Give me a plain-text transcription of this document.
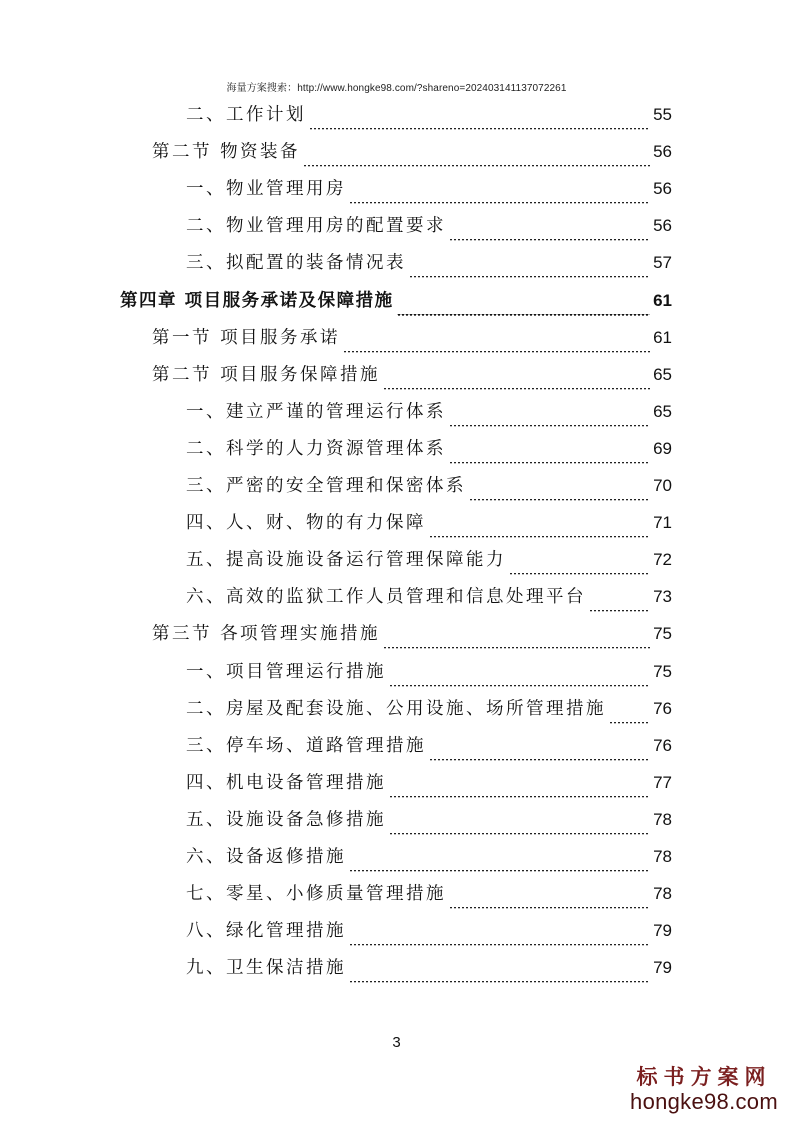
海量方案搜索：http://www.hongke98.com/?shareno=202403141137072261
二、工作计划	55
第二节 物资装备	56
一、物业管理用房	56
二、物业管理用房的配置要求	56
三、拟配置的装备情况表	57
第四章 项目服务承诺及保障措施	61
第一节 项目服务承诺	61
第二节 项目服务保障措施	65
一、建立严谨的管理运行体系	65
二、科学的人力资源管理体系	69
三、严密的安全管理和保密体系	70
四、人、财、物的有力保障	71
五、提高设施设备运行管理保障能力	72
六、高效的监狱工作人员管理和信息处理平台	73
第三节 各项管理实施措施	75
一、项目管理运行措施	75
二、房屋及配套设施、公用设施、场所管理措施	76
三、停车场、道路管理措施	76
四、机电设备管理措施	77
五、设施设备急修措施	78
六、设备返修措施	78
七、零星、小修质量管理措施	78
八、绿化管理措施	79
九、卫生保洁措施	79
3
标书方案网
hongke98.com
